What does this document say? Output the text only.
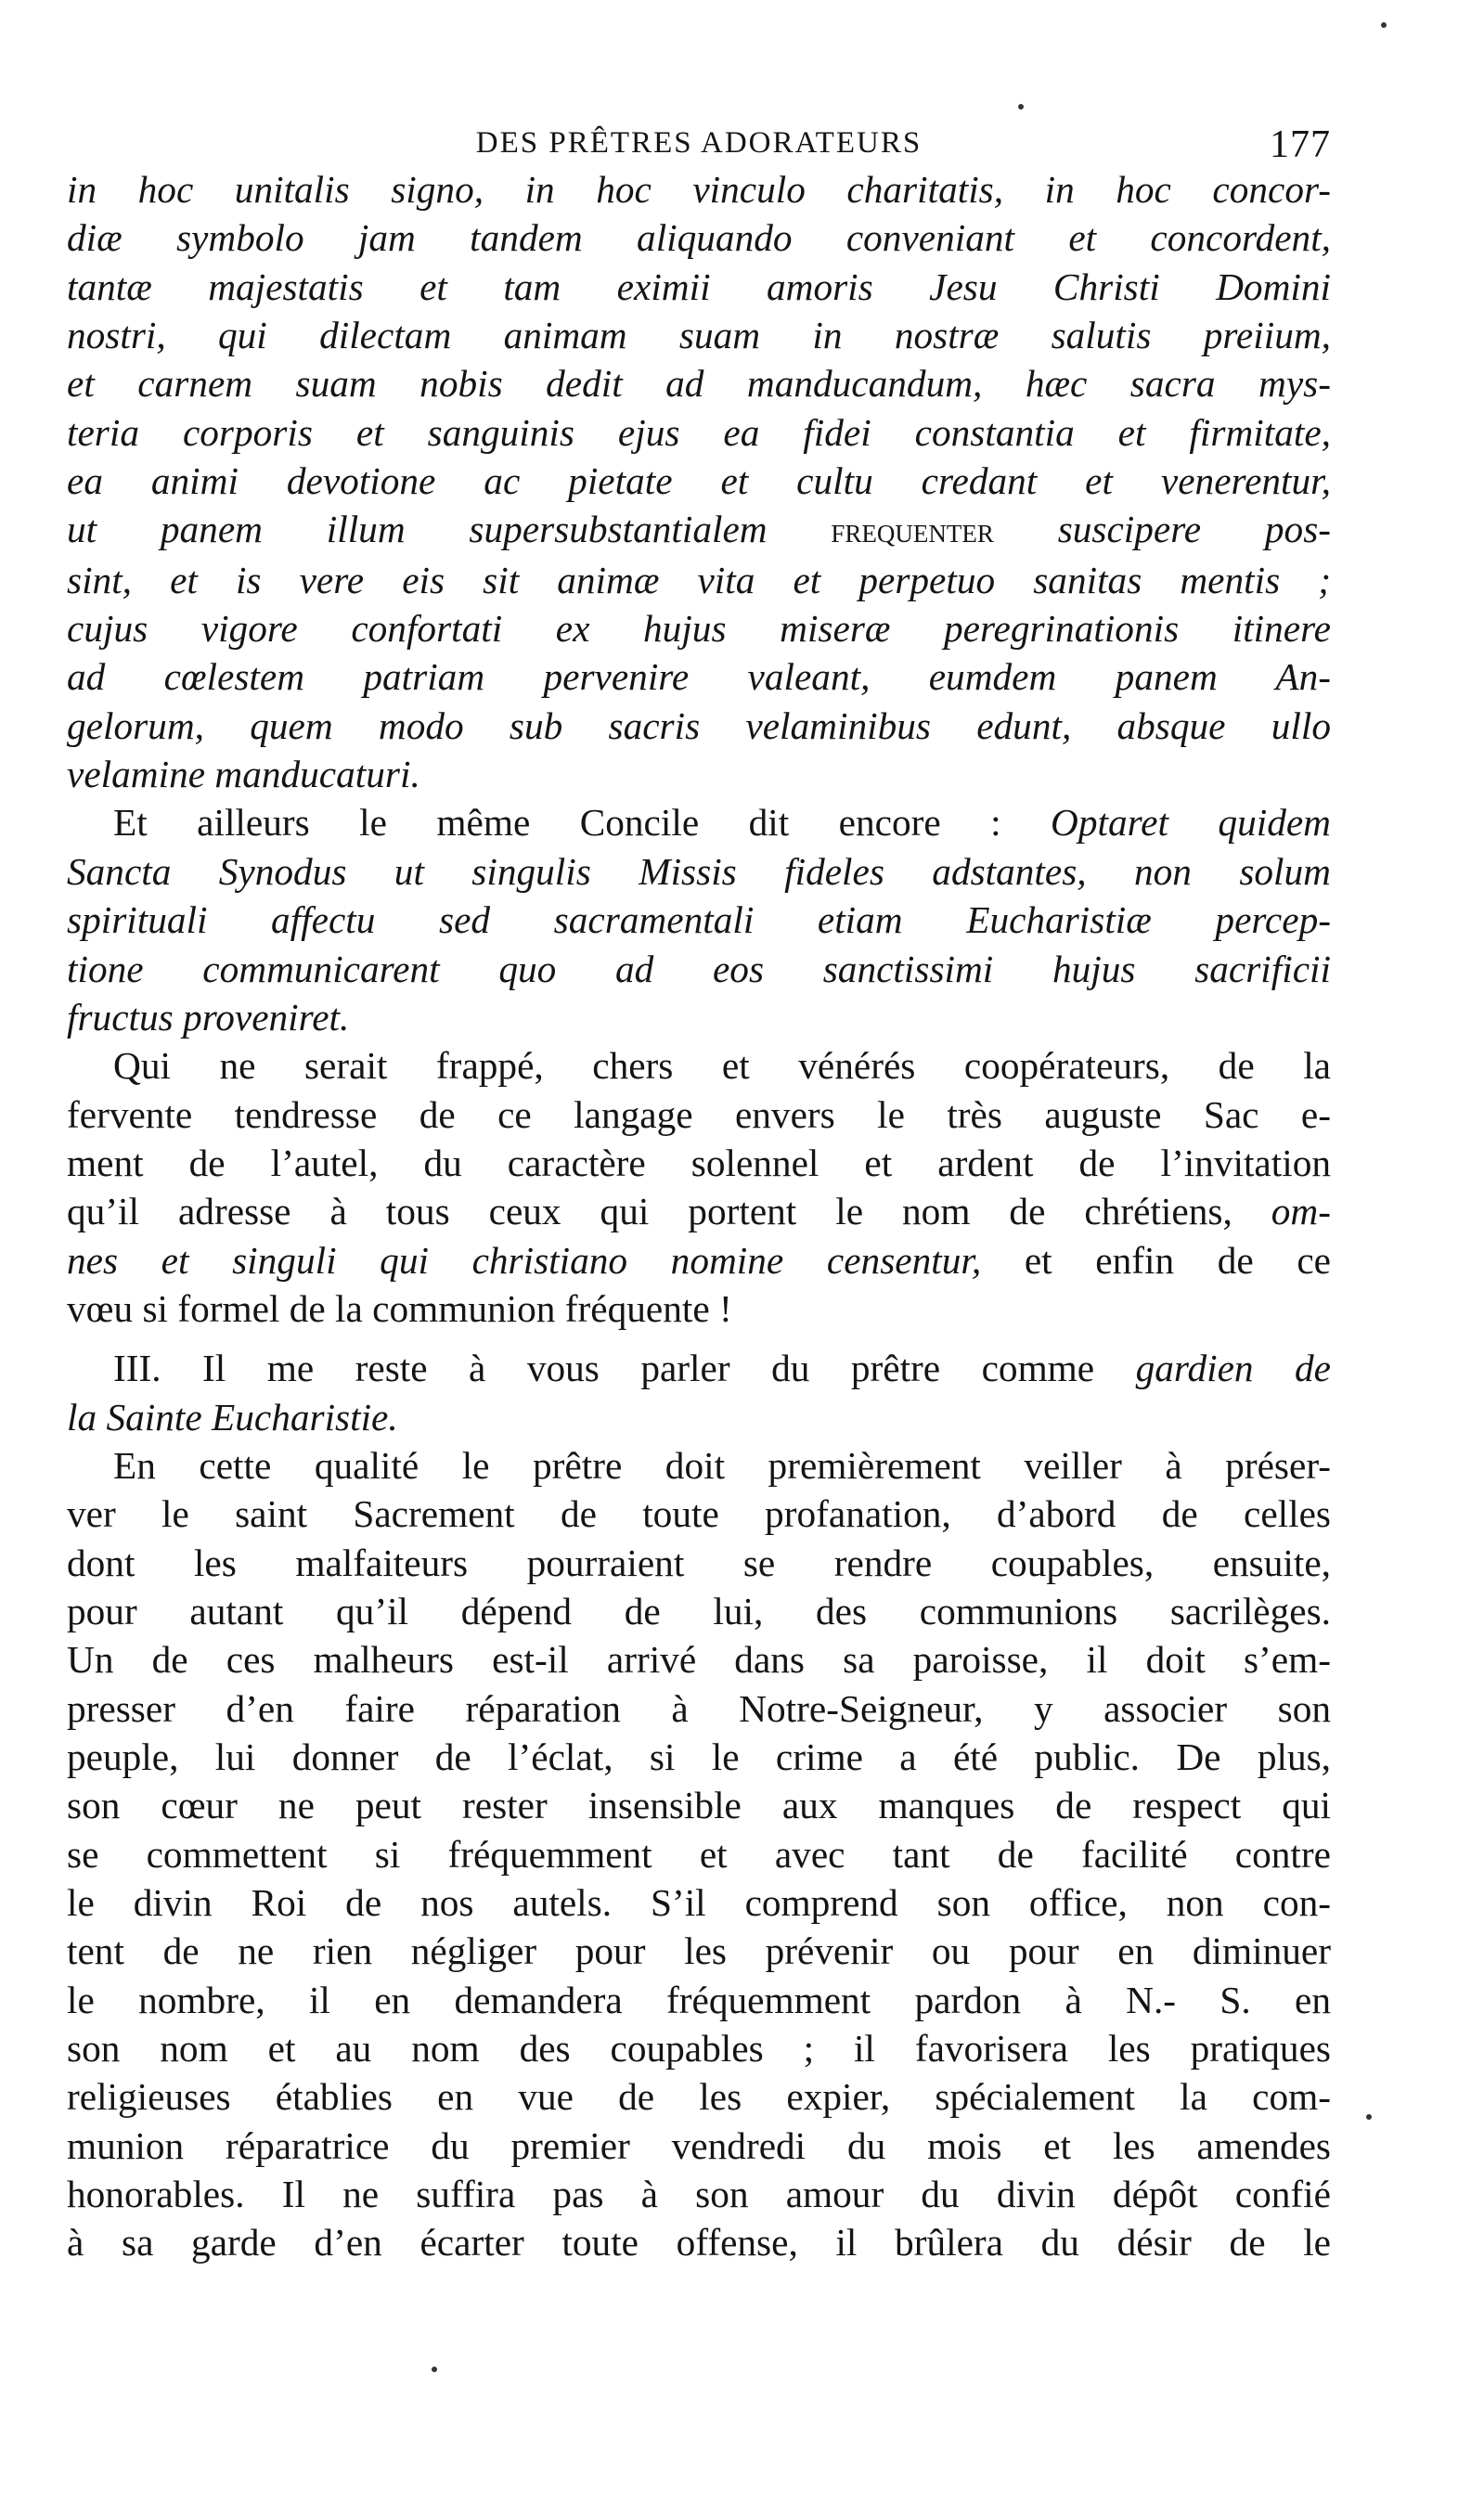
DES PRÊTRES ADORATEURS	177
in hoc unitalis signo, in hoc vinculo charitatis, in hoc concor-
diæ symbolo jam tandem aliquando conveniant et concordent,
tantæ majestatis et tam eximii amoris Jesu Christi Domini
nostri, qui dilectam animam suam in nostræ salutis preiium,
et carnem suam nobis dedit ad manducandum, hæc sacra mys-
teria corporis et sanguinis ejus ea fidei constantia et firmitate,
ea animi devotione ac pietate et cultu credant et venerentur,
ut panem illum supersubstantialem frequenter suscipere pos-
sint, et is vere eis sit animæ vita et perpetuo sanitas mentis ;
cujus vigore confortati ex hujus miseræ peregrinationis itinere
ad cœlestem patriam pervenire valeant, eumdem panem An-
gelorum, quem modo sub sacris velaminibus edunt, absque ullo
velamine manducaturi.
Et ailleurs le même Concile dit encore : Optaret quidem
Sancta Synodus ut singulis Missis fideles adstantes, non solum
spirituali affectu sed sacramentali etiam Eucharistiæ percep-
tione communicarent quo ad eos sanctissimi hujus sacrificii
fructus proveniret.
Qui ne serait frappé, chers et vénérés coopérateurs, de la
fervente tendresse de ce langage envers le très auguste Sac e-
ment de l’autel, du caractère solennel et ardent de l’invitation
qu’il adresse à tous ceux qui portent le nom de chrétiens, om-
nes et singuli qui christiano nomine censentur, et enfin de ce
vœu si formel de la communion fréquente !
III. Il me reste à vous parler du prêtre comme gardien de
la Sainte Eucharistie.
En cette qualité le prêtre doit premièrement veiller à préser-
ver le saint Sacrement de toute profanation, d’abord de celles
dont les malfaiteurs pourraient se rendre coupables, ensuite,
pour autant qu’il dépend de lui, des communions sacrilèges.
Un de ces malheurs est-il arrivé dans sa paroisse, il doit s’em-
presser d’en faire réparation à Notre-Seigneur, y associer son
peuple, lui donner de l’éclat, si le crime a été public. De plus,
son cœur ne peut rester insensible aux manques de respect qui
se commettent si fréquemment et avec tant de facilité contre
le divin Roi de nos autels. S’il comprend son office, non con-
tent de ne rien négliger pour les prévenir ou pour en diminuer
le nombre, il en demandera fréquemment pardon à N.- S. en
son nom et au nom des coupables ; il favorisera les pratiques
religieuses établies en vue de les expier, spécialement la com-
munion réparatrice du premier vendredi du mois et les amendes
honorables. Il ne suffira pas à son amour du divin dépôt confié
à sa garde d’en écarter toute offense, il brûlera du désir de le
